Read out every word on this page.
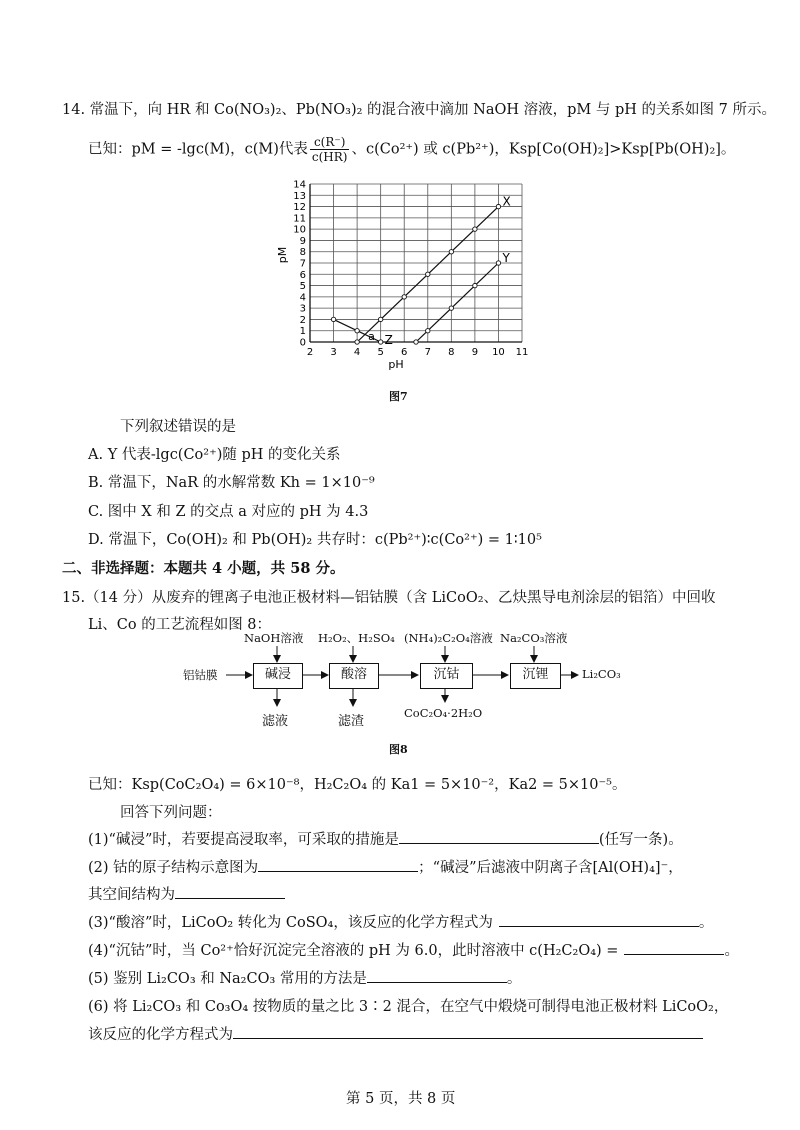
14. 常温下，向 HR 和 Co(NO₃)₂、Pb(NO₃)₂ 的混合液中滴加 NaOH 溶液，pM 与 pH 的关系如图 7 所示。
已知：pM = -lgc(M)，c(M)代表 $\frac{c(R^-)}{c(HR)}$ 、c(Co²⁺) 或 c(Pb²⁺)，Ksp[Co(OH)₂]>Ksp[Pb(OH)₂]。
2 3 4 5 6 7 8 9 10 11
0
1
2
3
4
5
6
7
8
9
10
11
12
13
14
pH
pM
X
Y
Z
a
图7
下列叙述错误的是
A. Y 代表-lgc(Co²⁺)随 pH 的变化关系
B. 常温下，NaR 的水解常数 Kh = 1×10⁻⁹
C. 图中 X 和 Z 的交点 a 对应的 pH 为 4.3
D. 常温下，Co(OH)₂ 和 Pb(OH)₂ 共存时：c(Pb²⁺)∶c(Co²⁺) = 1∶10⁵
二、非选择题：本题共 4 小题，共 58 分。
15.（14 分）从废弃的锂离子电池正极材料—铝钴膜（含 LiCoO₂、乙炔黑导电剂涂层的铝箔）中回收
Li、Co 的工艺流程如图 8：
铝钴膜	碱浸	酸溶	沉钴	沉锂
NaOH溶液 H₂O₂、H₂SO₄ (NH₄)₂C₂O₄溶液 Na₂CO₃溶液
滤液	滤渣
CoC₂O₄·2H₂O
Li₂CO₃
图8
已知：Ksp(CoC₂O₄) = 6×10⁻⁸，H₂C₂O₄ 的 Ka1 = 5×10⁻²，Ka2 = 5×10⁻⁵。
回答下列问题：
(1)“碱浸”时，若要提高浸取率，可采取的措施是	(任写一条)。
(2) 钴的原子结构示意图为	；“碱浸”后滤液中阴离子含[Al(OH)₄]⁻，
其空间结构为
(3)“酸溶”时，LiCoO₂ 转化为 CoSO₄，该反应的化学方程式为	。
(4)“沉钴”时，当 Co²⁺恰好沉淀完全溶液的 pH 为 6.0，此时溶液中 c(H₂C₂O₄) =	。
(5) 鉴别 Li₂CO₃ 和 Na₂CO₃ 常用的方法是	。
(6) 将 Li₂CO₃ 和 Co₃O₄ 按物质的量之比 3∶2 混合，在空气中煅烧可制得电池正极材料 LiCoO₂，
该反应的化学方程式为
第 5 页，共 8 页
